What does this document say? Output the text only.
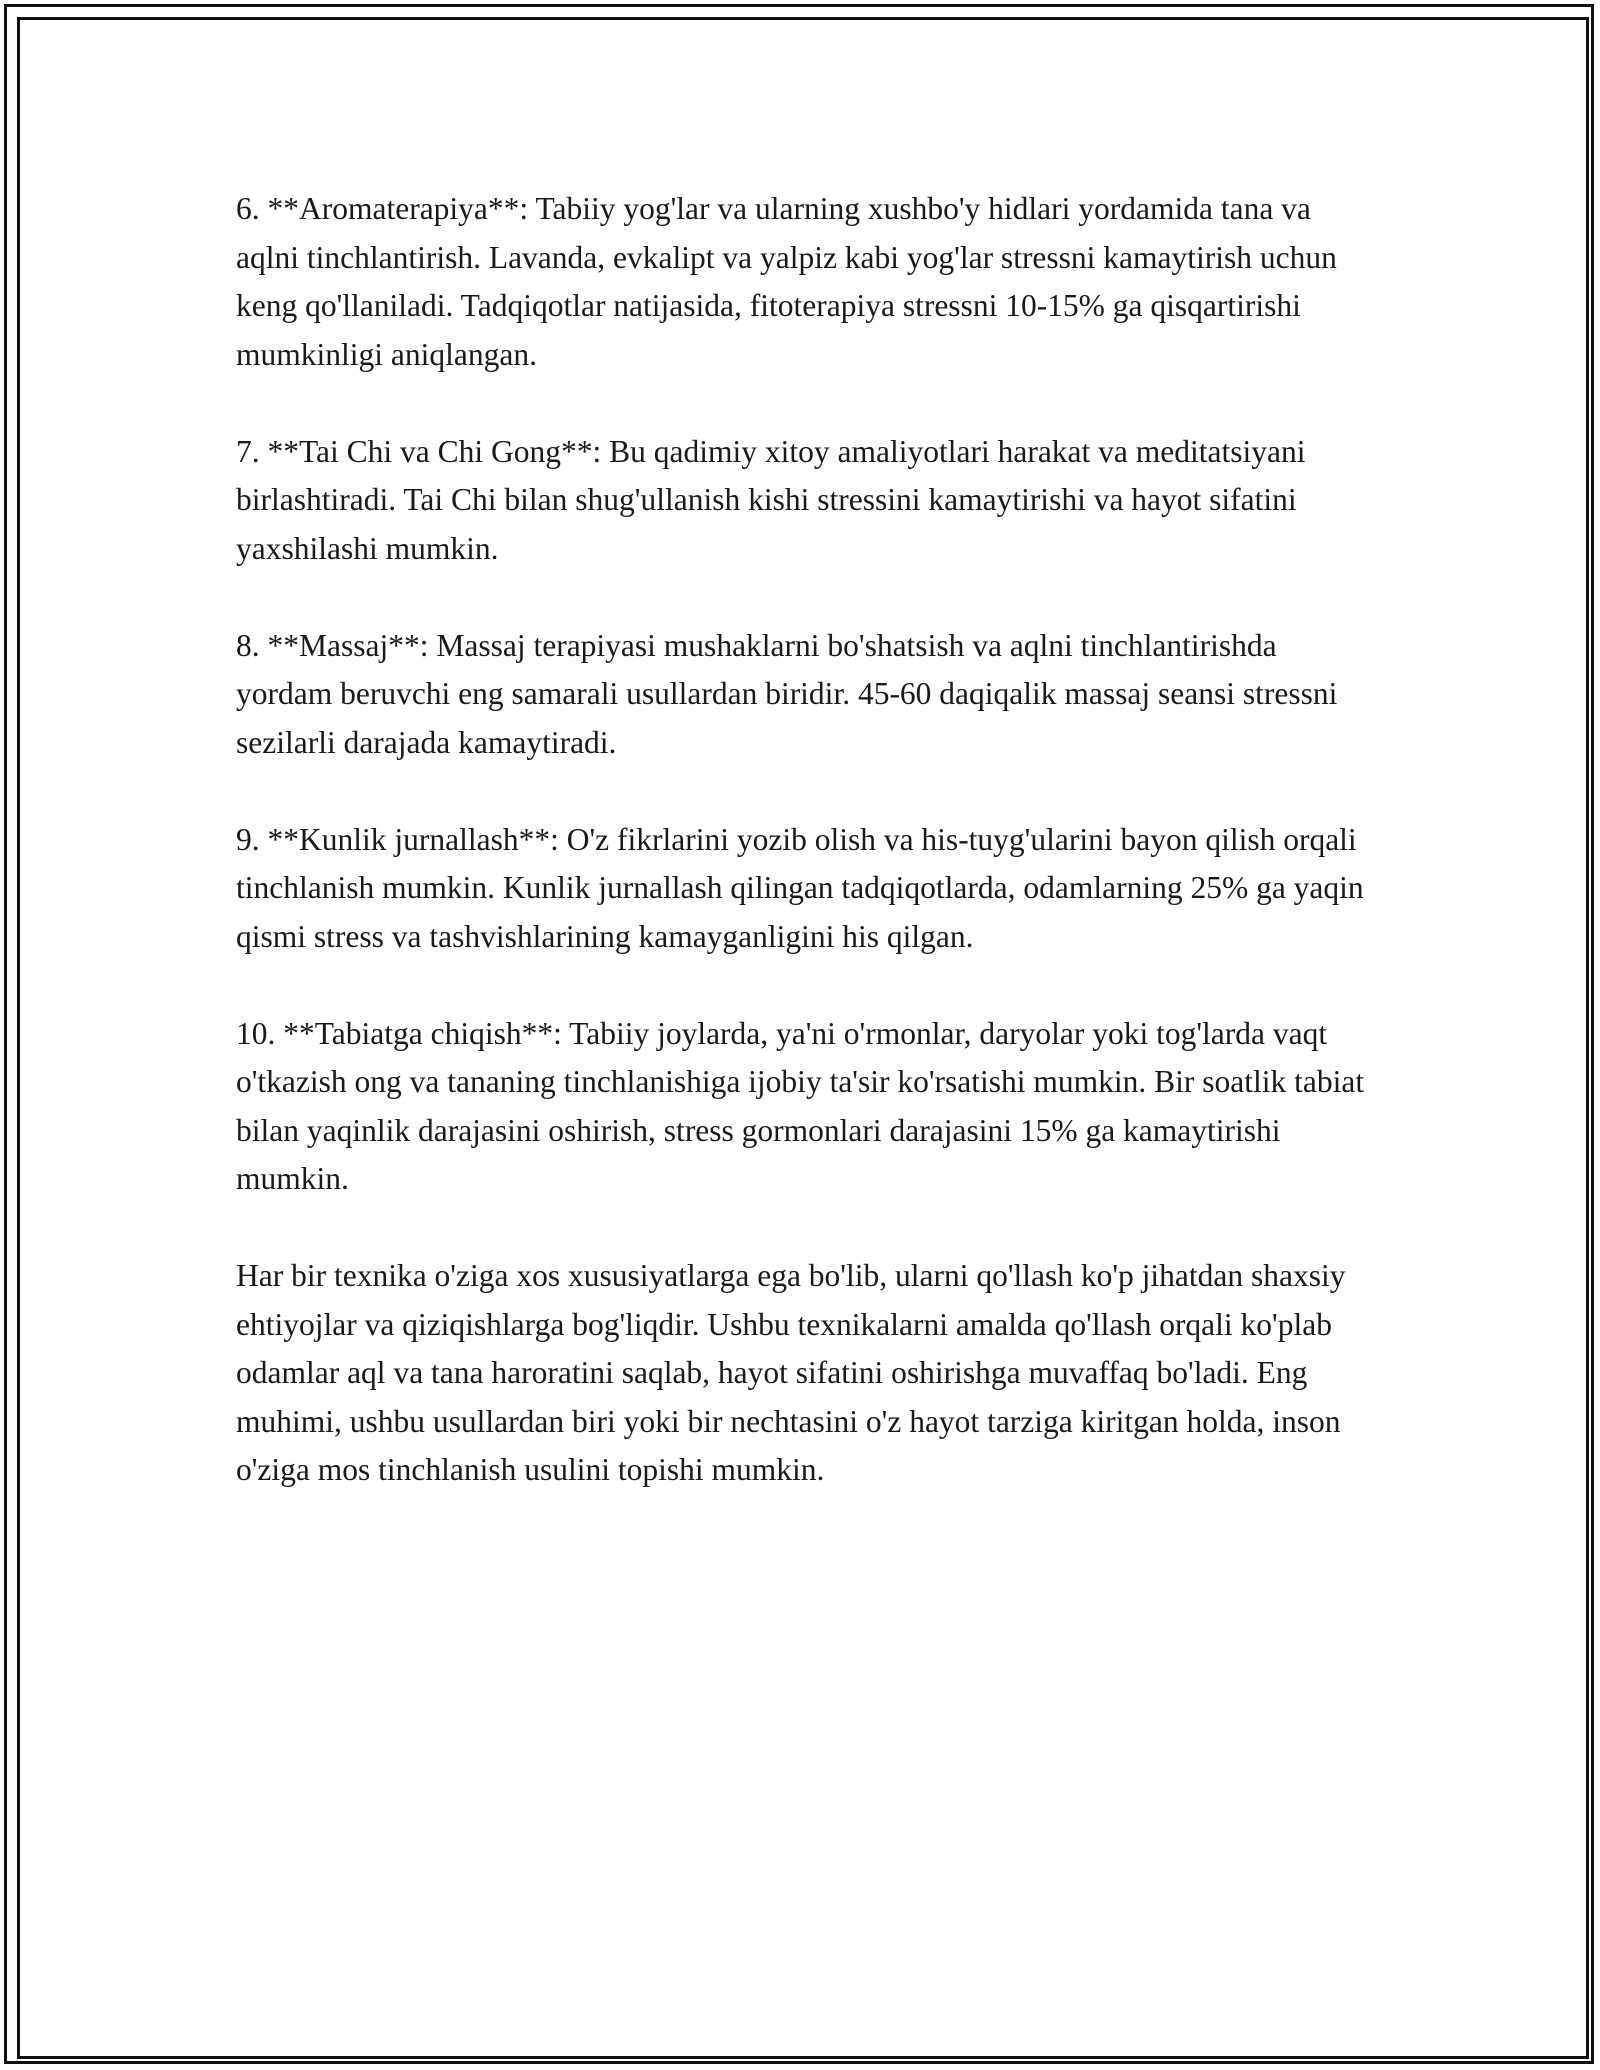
6. **Aromaterapiya**: Tabiiy yog'lar va ularning xushbo'y hidlari yordamida tana va aqlni tinchlantirish. Lavanda, evkalipt va yalpiz kabi yog'lar stressni kamaytirish uchun keng qo'llaniladi. Tadqiqotlar natijasida, fitoterapiya stressni 10-15% ga qisqartirishi mumkinligi aniqlangan.

7. **Tai Chi va Chi Gong**: Bu qadimiy xitoy amaliyotlari harakat va meditatsiyani birlashtiradi. Tai Chi bilan shug'ullanish kishi stressini kamaytirishi va hayot sifatini yaxshilashi mumkin.

8. **Massaj**: Massaj terapiyasi mushaklarni bo'shatsish va aqlni tinchlantirishda yordam beruvchi eng samarali usullardan biridir. 45-60 daqiqalik massaj seansi stressni sezilarli darajada kamaytiradi.

9. **Kunlik jurnallash**: O'z fikrlarini yozib olish va his-tuyg'ularini bayon qilish orqali tinchlanish mumkin. Kunlik jurnallash qilingan tadqiqotlarda, odamlarning 25% ga yaqin qismi stress va tashvishlarining kamayganligini his qilgan.

10. **Tabiatga chiqish**: Tabiiy joylarda, ya'ni o'rmonlar, daryolar yoki tog'larda vaqt o'tkazish ong va tananing tinchlanishiga ijobiy ta'sir ko'rsatishi mumkin. Bir soatlik tabiat bilan yaqinlik darajasini oshirish, stress gormonlari darajasini 15% ga kamaytirishi mumkin.

Har bir texnika o'ziga xos xususiyatlarga ega bo'lib, ularni qo'llash ko'p jihatdan shaxsiy ehtiyojlar va qiziqishlarga bog'liqdir. Ushbu texnikalarni amalda qo'llash orqali ko'plab odamlar aql va tana haroratini saqlab, hayot sifatini oshirishga muvaffaq bo'ladi. Eng muhimi, ushbu usullardan biri yoki bir nechtasini o'z hayot tarziga kiritgan holda, inson o'ziga mos tinchlanish usulini topishi mumkin.
